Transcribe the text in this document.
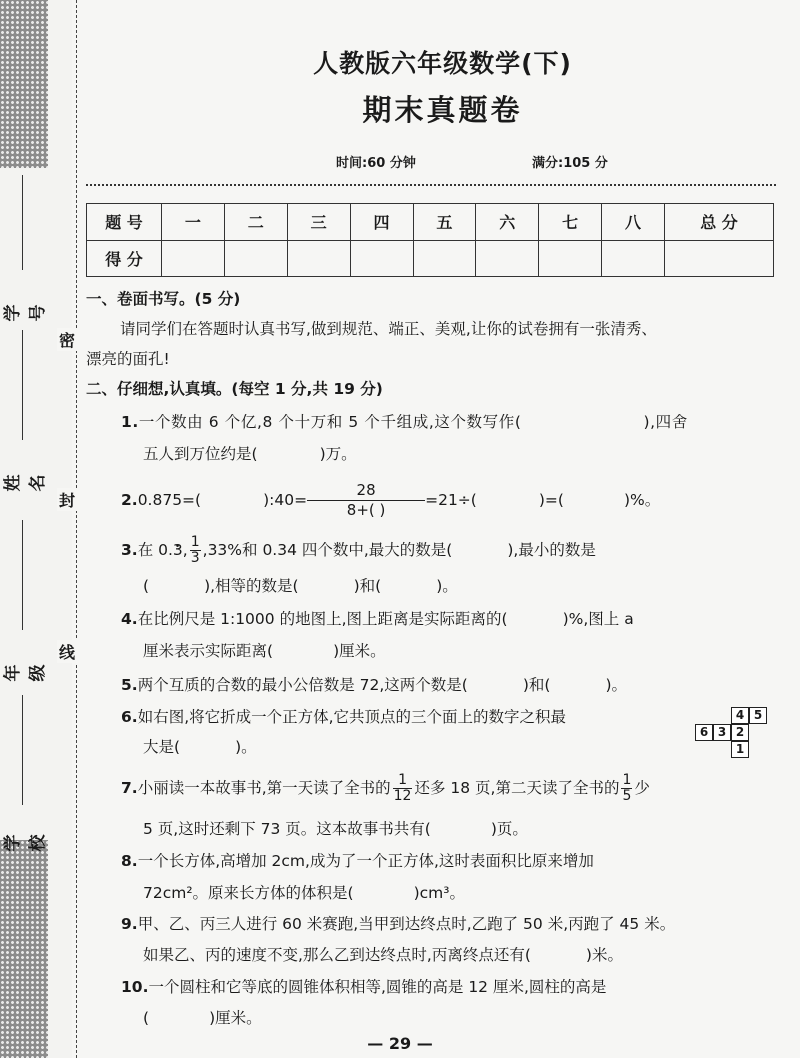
学号
姓名
年级
学校
密
封
线
人教版六年级数学(下)
期末真题卷
时间:60 分钟	满分:105 分
题 号	一	二	三	四	五	六	七	八	总 分
得 分									
一、卷面书写。(5 分)
请同学们在答题时认真书写,做到规范、端正、美观,让你的试卷拥有一张清秀、
漂亮的面孔!
二、仔细想,认真填。(每空 1 分,共 19 分)
1.一个数由 6 个亿,8 个十万和 5 个千组成,这个数写作(	),四舍
五人到万位约是(	)万。
2.0.875=(	):40= $\frac{28}{8+( )}=21\div$(	)=(	)%。
3.在 0.• 3, $\frac{1}{3} ,33\%$和 0.34 四个数中,最大的数是(	),最小的数是
(	),相等的数是(	)和(	)。
4.在比例尺是 1:1000 的地图上,图上距离是实际距离的(	)%,图上 a
厘米表示实际距离(	)厘米。
5.两个互质的合数的最小公倍数是 72,这两个数是(	)和(	)。
6.如右图,将它折成一个正方体,它共顶点的三个面上的数字之积最
大是(	)。
4 5
6 3 2
1
7.小丽读一本故事书,第一天读了全书的 $\frac{1}{12}$ 还多 18 页,第二天读了全书的 $\frac{1}{5}$ 少
5 页,这时还剩下 73 页。这本故事书共有(	)页。
8.一个长方体,高增加 2cm,成为了一个正方体,这时表面积比原来增加
72cm²。原来长方体的体积是(	)cm³。
9.甲、乙、丙三人进行 60 米赛跑,当甲到达终点时,乙跑了 50 米,丙跑了 45 米。
如果乙、丙的速度不变,那么乙到达终点时,丙离终点还有(	)米。
10.一个圆柱和它等底的圆锥体积相等,圆锥的高是 12 厘米,圆柱的高是
(	)厘米。
— 29 —
